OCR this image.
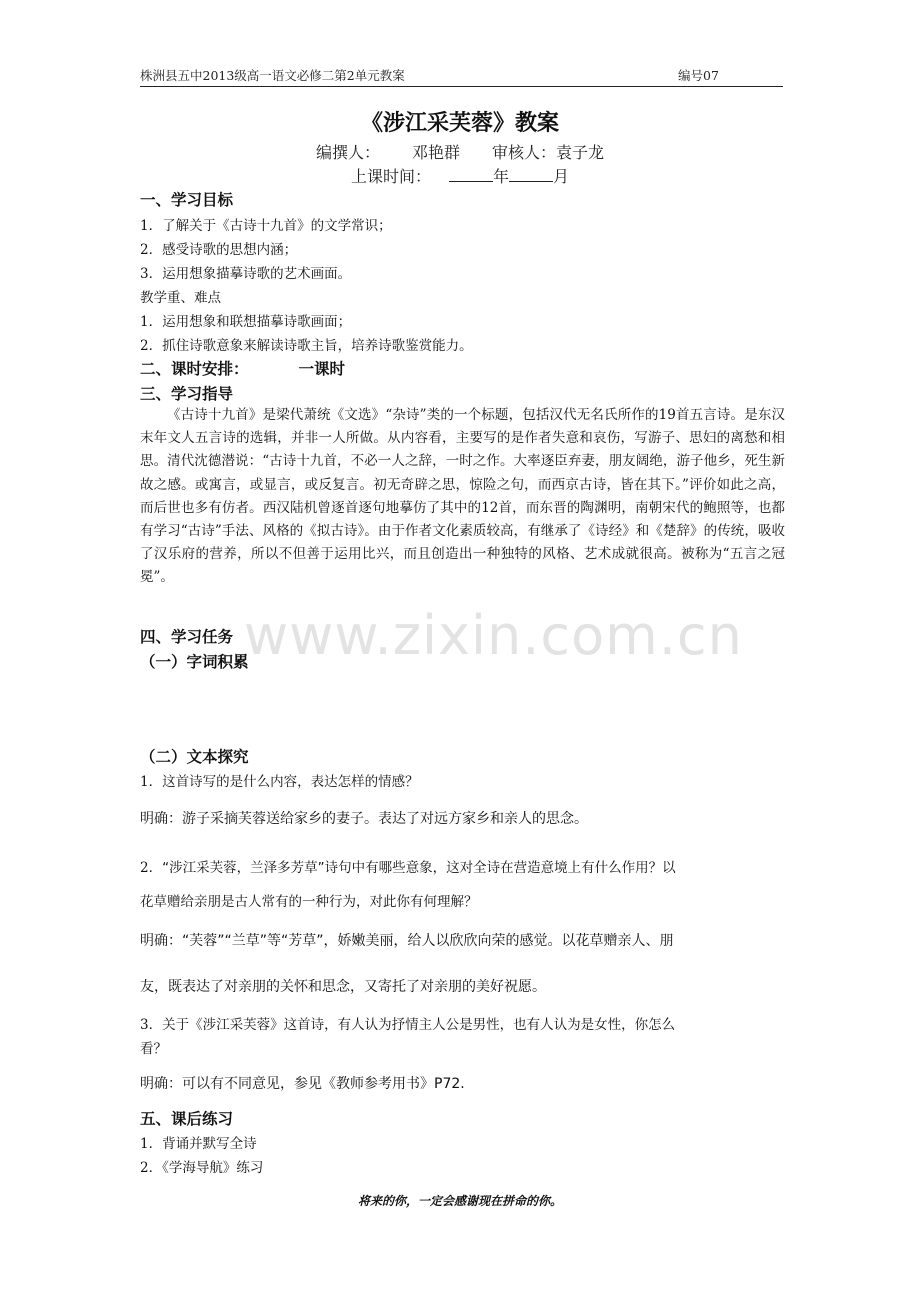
株洲县五中2013级高一语文必修二第2单元教案	编号07
《涉江采芙蓉》教案
编撰人： 邓艳群 审核人：袁子龙
上课时间：	年	月
一、学习目标
1．了解关于《古诗十九首》的文学常识；
2．感受诗歌的思想内涵；
3．运用想象描摹诗歌的艺术画面。
教学重、难点
1．运用想象和联想描摹诗歌画面；
2．抓住诗歌意象来解读诗歌主旨，培养诗歌鉴赏能力。
二、课时安排：	一课时
三、学习指导
《古诗十九首》是梁代萧统《文选》“杂诗”类的一个标题，包括汉代无名氏所作的19首五言诗。是东汉末年文人五言诗的选辑，并非一人所做。从内容看，主要写的是作者失意和哀伤，写游子、思妇的离愁和相思。清代沈德潜说：“古诗十九首，不必一人之辞，一时之作。大率逐臣弃妻，朋友阔绝，游子他乡，死生新故之感。或寓言，或显言，或反复言。初无奇辟之思，惊险之句，而西京古诗，皆在其下。”评价如此之高，而后世也多有仿者。西汉陆机曾逐首逐句地摹仿了其中的12首，而东晋的陶渊明，南朝宋代的鲍照等，也都有学习“古诗”手法、风格的《拟古诗》。由于作者文化素质较高，有继承了《诗经》和《楚辞》的传统，吸收了汉乐府的营养，所以不但善于运用比兴，而且创造出一种独特的风格、艺术成就很高。被称为“五言之冠冕”。
www.zixin.com.cn
四、学习任务
（一）字词积累
（二）文本探究
1．这首诗写的是什么内容，表达怎样的情感？
明确：游子采摘芙蓉送给家乡的妻子。表达了对远方家乡和亲人的思念。
2．“涉江采芙蓉，兰泽多芳草”诗句中有哪些意象，这对全诗在营造意境上有什么作用？以
花草赠给亲朋是古人常有的一种行为，对此你有何理解？
明确：“芙蓉”“兰草”等“芳草”，娇嫩美丽，给人以欣欣向荣的感觉。以花草赠亲人、朋
友，既表达了对亲朋的关怀和思念，又寄托了对亲朋的美好祝愿。
3．关于《涉江采芙蓉》这首诗，有人认为抒情主人公是男性，也有人认为是女性，你怎么
看？
明确：可以有不同意见，参见《教师参考用书》P72.
五、课后练习
1．背诵并默写全诗
2．《学海导航》练习
将来的你，一定会感谢现在拼命的你。
